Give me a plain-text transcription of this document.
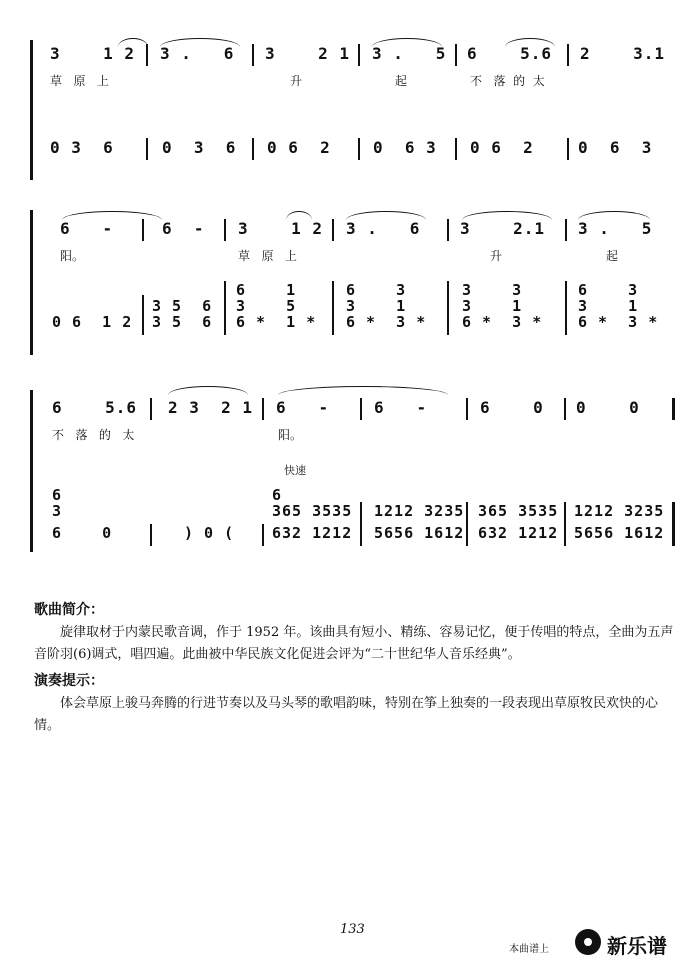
3    1 2 3 .   6 3    2 1 3 .   5 6    5.6 2    3.1
草   原   上	升	起	不   落  的  太
0 3  6	0  3  6 0 6  2	0  6 3 0 6  2	0  6  3
6   -	6  - 3    1 2 3 .   6 3    2.1 3 .   5
阳。	草   原   上	升	起
6    1	6    3	3    3	6    3
3 5  6 3    5	3    1	3    1	3    1
0 6  1 2 3 5  6 6 *  1 * 6 *  3 * 6 *  3 * 6 *  3 *
6    5.6 2 3  2 1 6   -	6   -	6    0 0    0
不   落   的   太	阳。
快速
6	6
3	365 3535 1212 3235 365 3535 1212 3235
6    0	) 0 (	632 1212 5656 1612 632 1212 5656 1612
歌曲简介：
旋律取材于内蒙民歌音调，作于 1952 年。该曲具有短小、精练、容易记忆，便于传唱的特点，全曲为五声音阶羽(6)调式，唱四遍。此曲被中华民族文化促进会评为“二十世纪华人音乐经典”。
演奏提示：
体会草原上骏马奔腾的行进节奏以及马头琴的歌唱韵味，特别在筝上独奏的一段表现出草原牧民欢快的心情。
133
本曲谱上	新乐谱
